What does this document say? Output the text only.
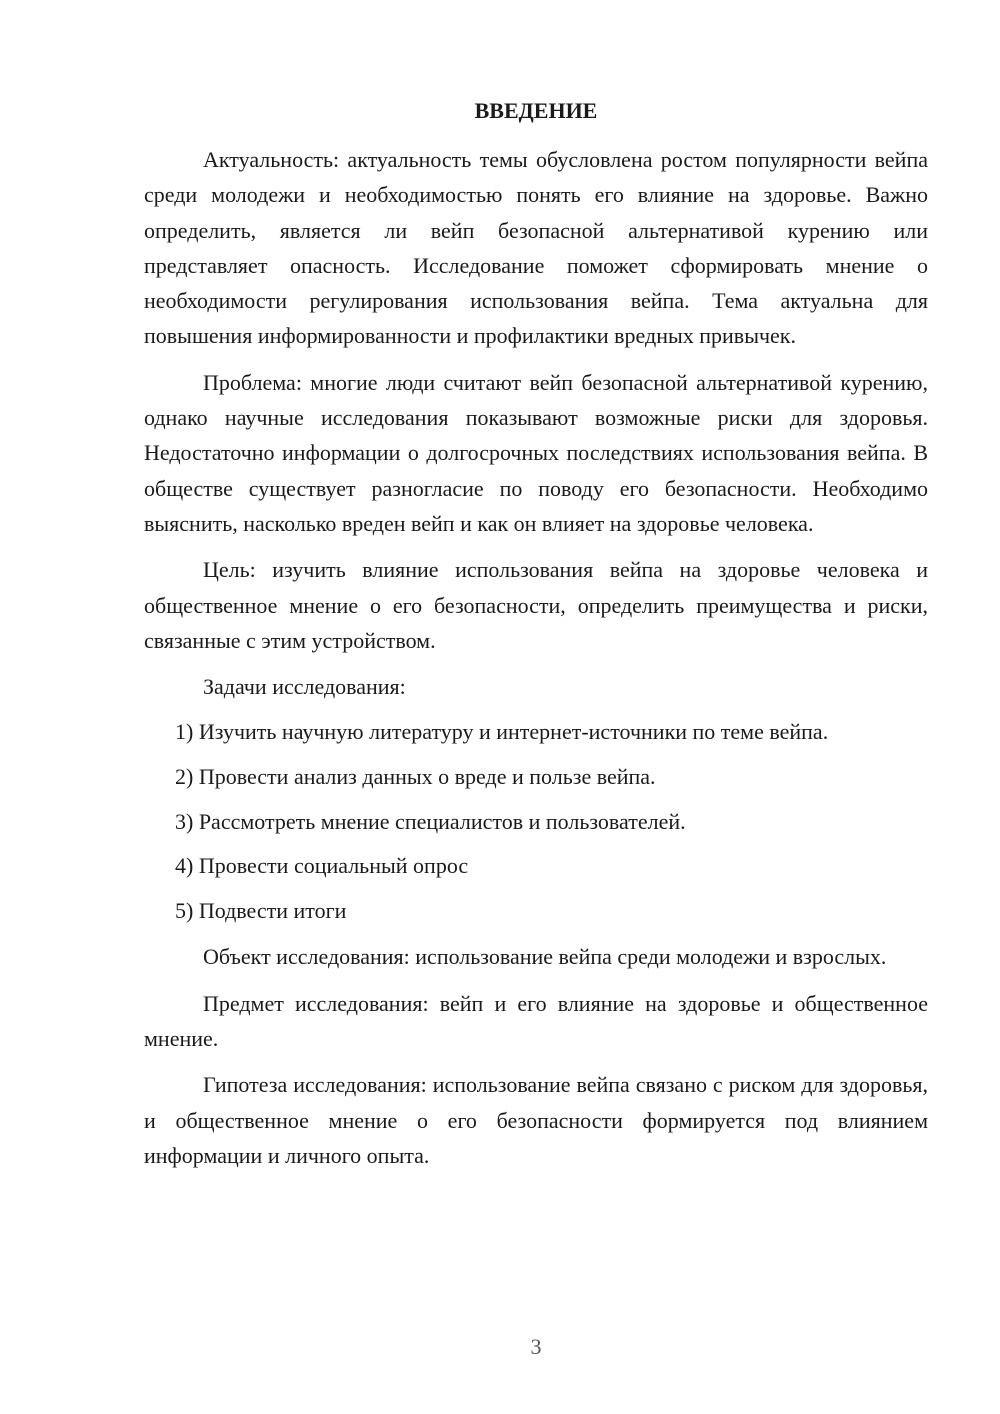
ВВЕДЕНИЕ

Актуальность: актуальность темы обусловлена ростом популярности вейпа среди молодежи и необходимостью понять его влияние на здоровье. Важно определить, является ли вейп безопасной альтернативой курению или представляет опасность. Исследование поможет сформировать мнение о необходимости регулирования использования вейпа. Тема актуальна для повышения информированности и профилактики вредных привычек.

Проблема: многие люди считают вейп безопасной альтернативой курению, однако научные исследования показывают возможные риски для здоровья. Недостаточно информации о долгосрочных последствиях использования вейпа. В обществе существует разногласие по поводу его безопасности. Необходимо выяснить, насколько вреден вейп и как он влияет на здоровье человека.

Цель: изучить влияние использования вейпа на здоровье человека и общественное мнение о его безопасности, определить преимущества и риски, связанные с этим устройством.

Задачи исследования:

1) Изучить научную литературу и интернет-источники по теме вейпа.

2) Провести анализ данных о вреде и пользе вейпа.

3) Рассмотреть мнение специалистов и пользователей.

4) Провести социальный опрос

5) Подвести итоги

Объект исследования: использование вейпа среди молодежи и взрослых.

Предмет исследования: вейп и его влияние на здоровье и общественное мнение.

Гипотеза исследования: использование вейпа связано с риском для здоровья, и общественное мнение о его безопасности формируется под влиянием информации и личного опыта.

3
